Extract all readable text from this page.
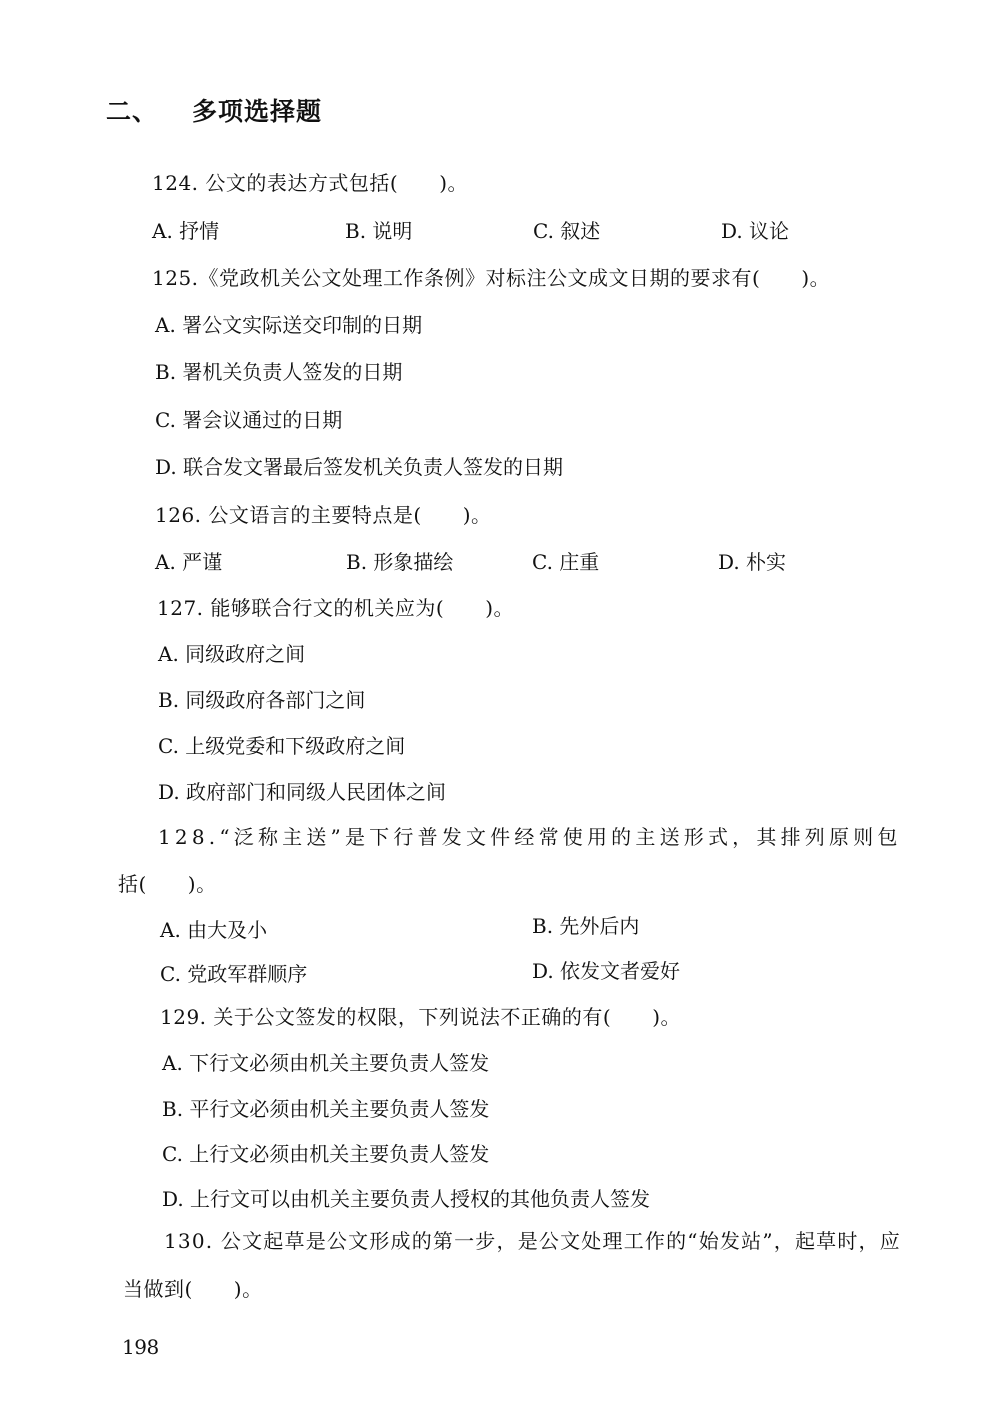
二、 多项选择题
124. 公文的表达方式包括(　　)。
A. 抒情	B. 说明	C. 叙述	D. 议论
125.《党政机关公文处理工作条例》对标注公文成文日期的要求有(　　)。
A. 署公文实际送交印制的日期
B. 署机关负责人签发的日期
C. 署会议通过的日期
D. 联合发文署最后签发机关负责人签发的日期
126. 公文语言的主要特点是(　　)。
A. 严谨	B. 形象描绘	C. 庄重	D. 朴实
127. 能够联合行文的机关应为(　　)。
A. 同级政府之间
B. 同级政府各部门之间
C. 上级党委和下级政府之间
D. 政府部门和同级人民团体之间
128.“泛称主送”是下行普发文件经常使用的主送形式，其排列原则包
括(　　)。
A. 由大及小	B. 先外后内
C. 党政军群顺序	D. 依发文者爱好
129. 关于公文签发的权限，下列说法不正确的有(　　)。
A. 下行文必须由机关主要负责人签发
B. 平行文必须由机关主要负责人签发
C. 上行文必须由机关主要负责人签发
D. 上行文可以由机关主要负责人授权的其他负责人签发
130. 公文起草是公文形成的第一步，是公文处理工作的“始发站”，起草时，应
当做到(　　)。
198
